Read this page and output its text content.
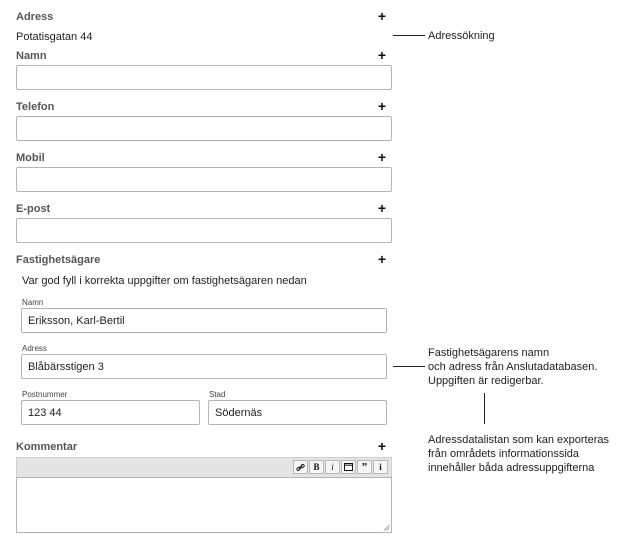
Adress	+
Potatisgatan 44	Adressökning
Namn	+
Telefon	+
Mobil	+
E-post	+
Fastighetsägare	+
Var god fyll i korrekta uppgifter om fastighetsägaren nedan
Namn
Eriksson, Karl-Bertil
Adress
Blåbärsstigen 3
Postnummer
123 44
Stad
Södernäs
Fastighetsägarens namn
och adress från Anslutadatabasen.
Uppgiften är redigerbar.
Adressdatalistan som kan exporteras
från områdets informationssida
innehåller båda adressuppgifterna
Kommentar	+
B	i	”	i
